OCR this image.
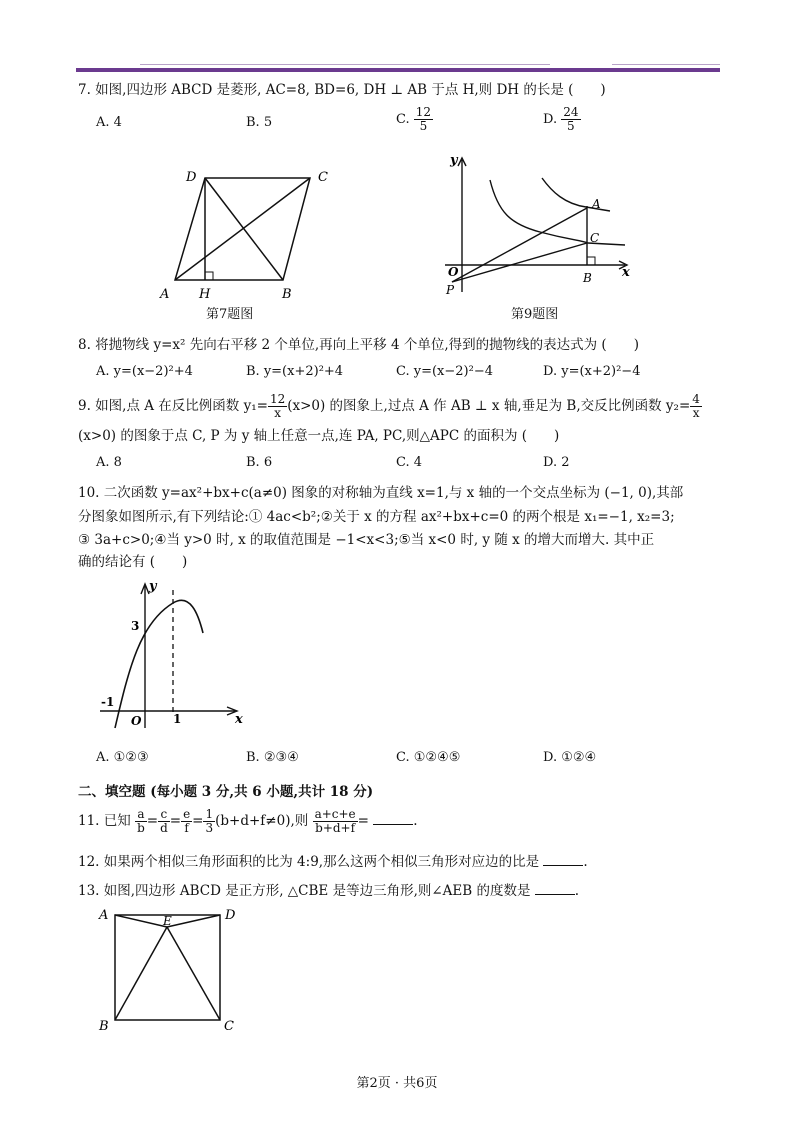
7. 如图,四边形 ABCD 是菱形, AC=8, BD=6, DH ⊥ AB 于点 H,则 DH 的长是 (　　)
A. 4	B. 5	C. $\frac{12}{5}$	D. $\frac{24}{5}$
D	C
A H	B
第7题图
y
x
O
P
A
C
B
第9题图
8. 将抛物线 y=x² 先向右平移 2 个单位,再向上平移 4 个单位,得到的抛物线的表达式为 (　　)
A. y=(x−2)²+4	B. y=(x+2)²+4	C. y=(x−2)²−4	D. y=(x+2)²−4
9. 如图,点 A 在反比例函数 $y_1= \frac{12}{x} (x>0)$ 的图象上,过点 A 作 AB ⊥ x 轴,垂足为 B,交反比例函数 $y_2= \frac{4}{x}$
(x>0) 的图象于点 C, P 为 y 轴上任意一点,连 PA, PC,则△APC 的面积为 (　　)
A. 8	B. 6	C. 4	D. 2
10. 二次函数 y=ax²+bx+c(a≠0) 图象的对称轴为直线 x=1,与 x 轴的一个交点坐标为 (−1, 0),其部
分图象如图所示,有下列结论:① 4ac<b²;②关于 x 的方程 ax²+bx+c=0 的两个根是 x₁=−1, x₂=3;
③ 3a+c>0;④当 y>0 时, x 的取值范围是 −1<x<3;⑤当 x<0 时, y 随 x 的增大而增大. 其中正
确的结论有 (　　)
y
x
3
-1
O	1
A. ①②③	B. ②③④	C. ①②④⑤	D. ①②④
二、填空题 (每小题 3 分,共 6 小题,共计 18 分)
11. 已知 $\frac{a}{b} = \frac{c}{d} = \frac{e}{f} = \frac{1}{3} (b+d+f\ne 0)$,则 $\frac{a+c+e}{b+d+f}$ =	.
12. 如果两个相似三角形面积的比为 4:9,那么这两个相似三角形对应边的比是	.
13. 如图,四边形 ABCD 是正方形, △CBE 是等边三角形,则∠AEB 的度数是	.
A	D
E
B	C
第2页 · 共6页
